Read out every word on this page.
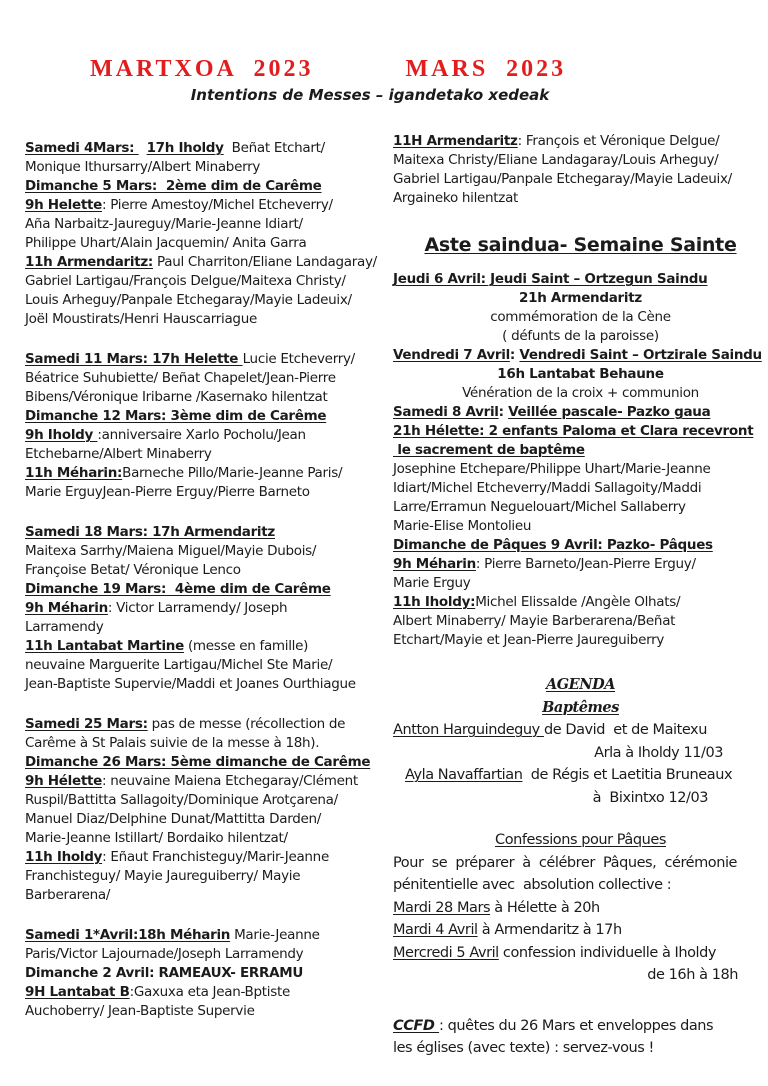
MARTXOA  2023	MARS  2023
Intentions de Messes – igandetako xedeak
Samedi 4Mars:   17h Iholdy  Beñat Etchart/
Monique Ithursarry/Albert Minaberry
Dimanche 5 Mars:  2ème dim de Carême
9h Helette: Pierre Amestoy/Michel Etcheverry/
Aña Narbaitz-Jaureguy/Marie-Jeanne Idiart/
Philippe Uhart/Alain Jacquemin/ Anita Garra
11h Armendaritz: Paul Charriton/Eliane Landagaray/
Gabriel Lartigau/François Delgue/Maitexa Christy/
Louis Arheguy/Panpale Etchegaray/Mayie Ladeuix/
Joël Moustirats/Henri Hauscarriague
Samedi 11 Mars: 17h Helette Lucie Etcheverry/
Béatrice Suhubiette/ Beñat Chapelet/Jean-Pierre
Bibens/Véronique Iribarne /Kasernako hilentzat
Dimanche 12 Mars: 3ème dim de Carême
9h Iholdy :anniversaire Xarlo Pocholu/Jean
Etchebarne/Albert Minaberry
11h Méharin:Barneche Pillo/Marie-Jeanne Paris/
Marie ErguyJean-Pierre Erguy/Pierre Barneto
Samedi 18 Mars: 17h Armendaritz
Maitexa Sarrhy/Maiena Miguel/Mayie Dubois/
Françoise Betat/ Véronique Lenco
Dimanche 19 Mars:  4ème dim de Carême
9h Méharin: Victor Larramendy/ Joseph
Larramendy
11h Lantabat Martine (messe en famille)
neuvaine Marguerite Lartigau/Michel Ste Marie/
Jean-Baptiste Supervie/Maddi et Joanes Ourthiague
Samedi 25 Mars: pas de messe (récollection de
Carême à St Palais suivie de la messe à 18h).
Dimanche 26 Mars: 5ème dimanche de Carême
9h Hélette: neuvaine Maiena Etchegaray/Clément
Ruspil/Battitta Sallagoity/Dominique Arotçarena/
Manuel Diaz/Delphine Dunat/Mattitta Darden/
Marie-Jeanne Istillart/ Bordaiko hilentzat/
11h Iholdy: Eñaut Franchisteguy/Marir-Jeanne
Franchisteguy/ Mayie Jaureguiberry/ Mayie
Barberarena/
Samedi 1*Avril:18h Méharin Marie-Jeanne
Paris/Victor Lajournade/Joseph Larramendy
Dimanche 2 Avril: RAMEAUX- ERRAMU
9H Lantabat B:Gaxuxa eta Jean-Bptiste
Auchoberry/ Jean-Baptiste Supervie
11H Armendaritz: François et Véronique Delgue/
Maitexa Christy/Eliane Landagaray/Louis Arheguy/
Gabriel Lartigau/Panpale Etchegaray/Mayie Ladeuix/
Argaineko hilentzat
Aste saindua- Semaine Sainte
Jeudi 6 Avril: Jeudi Saint – Ortzegun Saindu
21h Armendaritz
commémoration de la Cène
( défunts de la paroisse)
Vendredi 7 Avril: Vendredi Saint – Ortzirale Saindu
16h Lantabat Behaune
Vénération de la croix + communion
Samedi 8 Avril: Veillée pascale- Pazko gaua
21h Hélette: 2 enfants Paloma et Clara recevront
le sacrement de baptême
Josephine Etchepare/Philippe Uhart/Marie-Jeanne
Idiart/Michel Etcheverry/Maddi Sallagoity/Maddi
Larre/Erramun Neguelouart/Michel Sallaberry
Marie-Elise Montolieu
Dimanche de Pâques 9 Avril: Pazko- Pâques
9h Méharin: Pierre Barneto/Jean-Pierre Erguy/
Marie Erguy
11h Iholdy:Michel Elissalde /Angèle Olhats/
Albert Minaberry/ Mayie Barberarena/Beñat
Etchart/Mayie et Jean-Pierre Jaureguiberry
AGENDA
Baptêmes
Antton Harguindeguy de David  et de Maitexu
Arla à Iholdy 11/03
Ayla Navaffartian  de Régis et Laetitia Bruneaux
à  Bixintxo 12/03
Confessions pour Pâques
Pour se préparer à célébrer Pâques, cérémonie
pénitentielle avec  absolution collective :
Mardi 28 Mars à Hélette à 20h
Mardi 4 Avril à Armendaritz à 17h
Mercredi 5 Avril confession individuelle à Iholdy
de 16h à 18h
CCFD : quêtes du 26 Mars et enveloppes dans
les églises (avec texte) : servez-vous !
